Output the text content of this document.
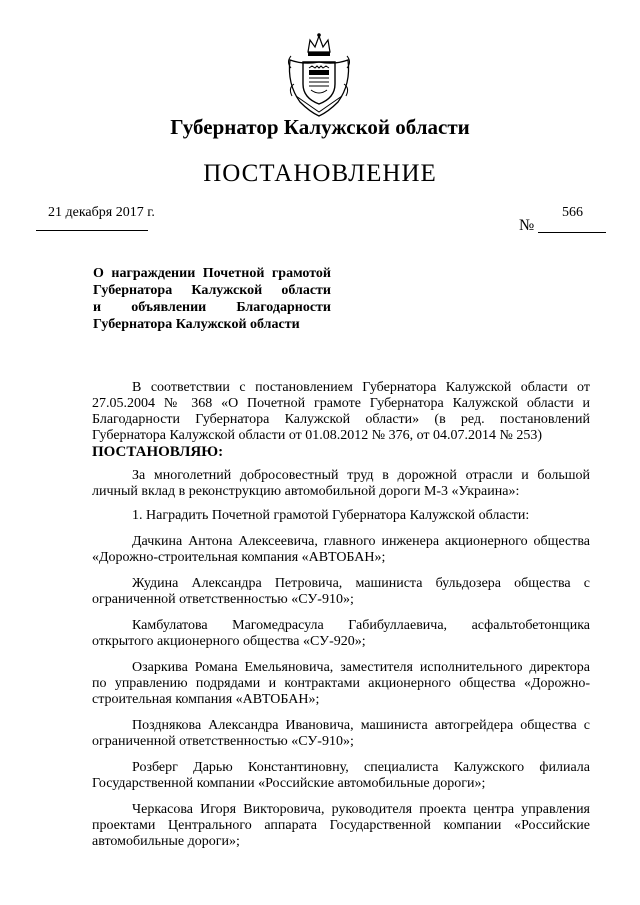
Губернатор Калужской области
ПОСТАНОВЛЕНИЕ
21 декабря 2017 г.	566
№
О награждении Почетной грамотой
Губернатора Калужской области
и объявлении Благодарности
Губернатора Калужской области

В соответствии с постановлением Губернатора Калужской области от 27.05.2004 № 368 «О Почетной грамоте Губернатора Калужской области и Благодарности Губернатора Калужской области» (в ред. постановлений Губернатора Калужской области от 01.08.2012 № 376, от 04.07.2014 № 253)

ПОСТАНОВЛЯЮ:

За многолетний добросовестный труд в дорожной отрасли и большой личный вклад в реконструкцию автомобильной дороги М-3 «Украина»:

1. Наградить Почетной грамотой Губернатора Калужской области:

Дачкина Антона Алексеевича, главного инженера акционерного общества «Дорожно-строительная компания «АВТОБАН»;

Жудина Александра Петровича, машиниста бульдозера общества с ограниченной ответственностью «СУ-910»;

Камбулатова Магомедрасула Габибуллаевича, асфальтобетонщика открытого акционерного общества «СУ-920»;

Озаркива Романа Емельяновича, заместителя исполнительного директора по управлению подрядами и контрактами акционерного общества «Дорожно-строительная компания «АВТОБАН»;

Позднякова Александра Ивановича, машиниста автогрейдера общества с ограниченной ответственностью «СУ-910»;

Розберг Дарью Константиновну, специалиста Калужского филиала Государственной компании «Российские автомобильные дороги»;

Черкасова Игоря Викторовича, руководителя проекта центра управления проектами Центрального аппарата Государственной компании «Российские автомобильные дороги»;
